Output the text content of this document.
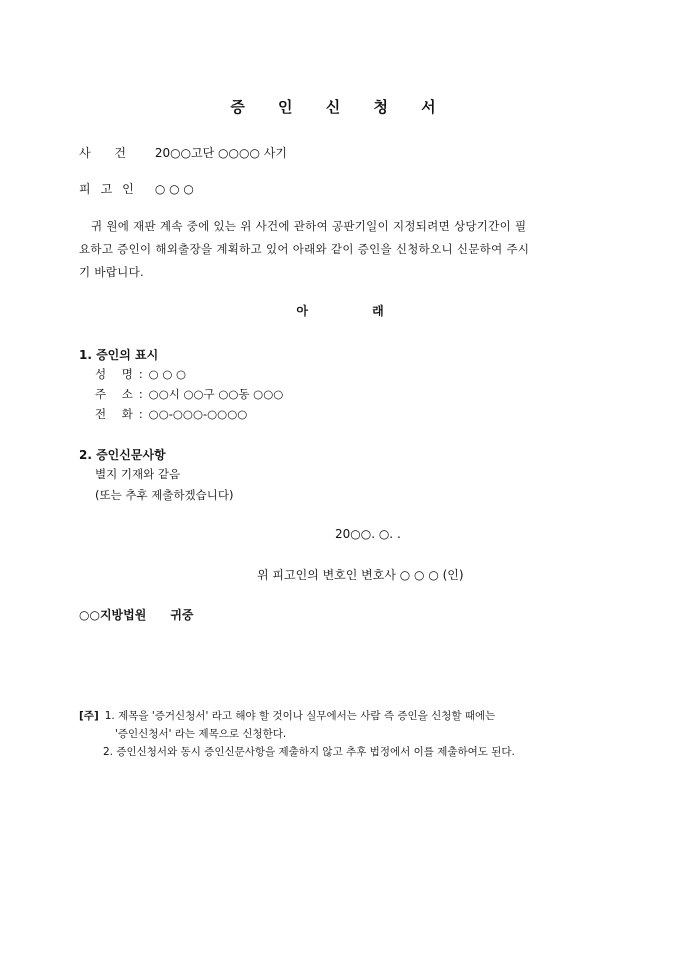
증 인 신 청 서
사 건 20○○고단 ○○○○ 사기
피고인 ○ ○ ○
귀 원에 재판 계속 중에 있는 위 사건에 관하여 공판기일이 지정되려면 상당기간이 필
요하고 증인이 해외출장을 계획하고 있어 아래와 같이 증인을 신청하오니 신문하여 주시
기 바랍니다.
아 래
1. 증인의 표시
성 명: ○ ○ ○
주 소: ○○시 ○○구 ○○동 ○○○
전 화: ○○-○○○-○○○○
2. 증인신문사항
별지 기재와 같음
(또는 추후 제출하겠습니다)
20○○. ○. .
위 피고인의 변호인 변호사 ○ ○ ○ (인)
○○지방법원 귀중
[주] 1. 제목을 '증거신청서' 라고 해야 할 것이나 실무에서는 사람 즉 증인을 신청할 때에는
'증인신청서' 라는 제목으로 신청한다.
2. 증인신청서와 동시 증인신문사항을 제출하지 않고 추후 법정에서 이를 제출하여도 된다.
